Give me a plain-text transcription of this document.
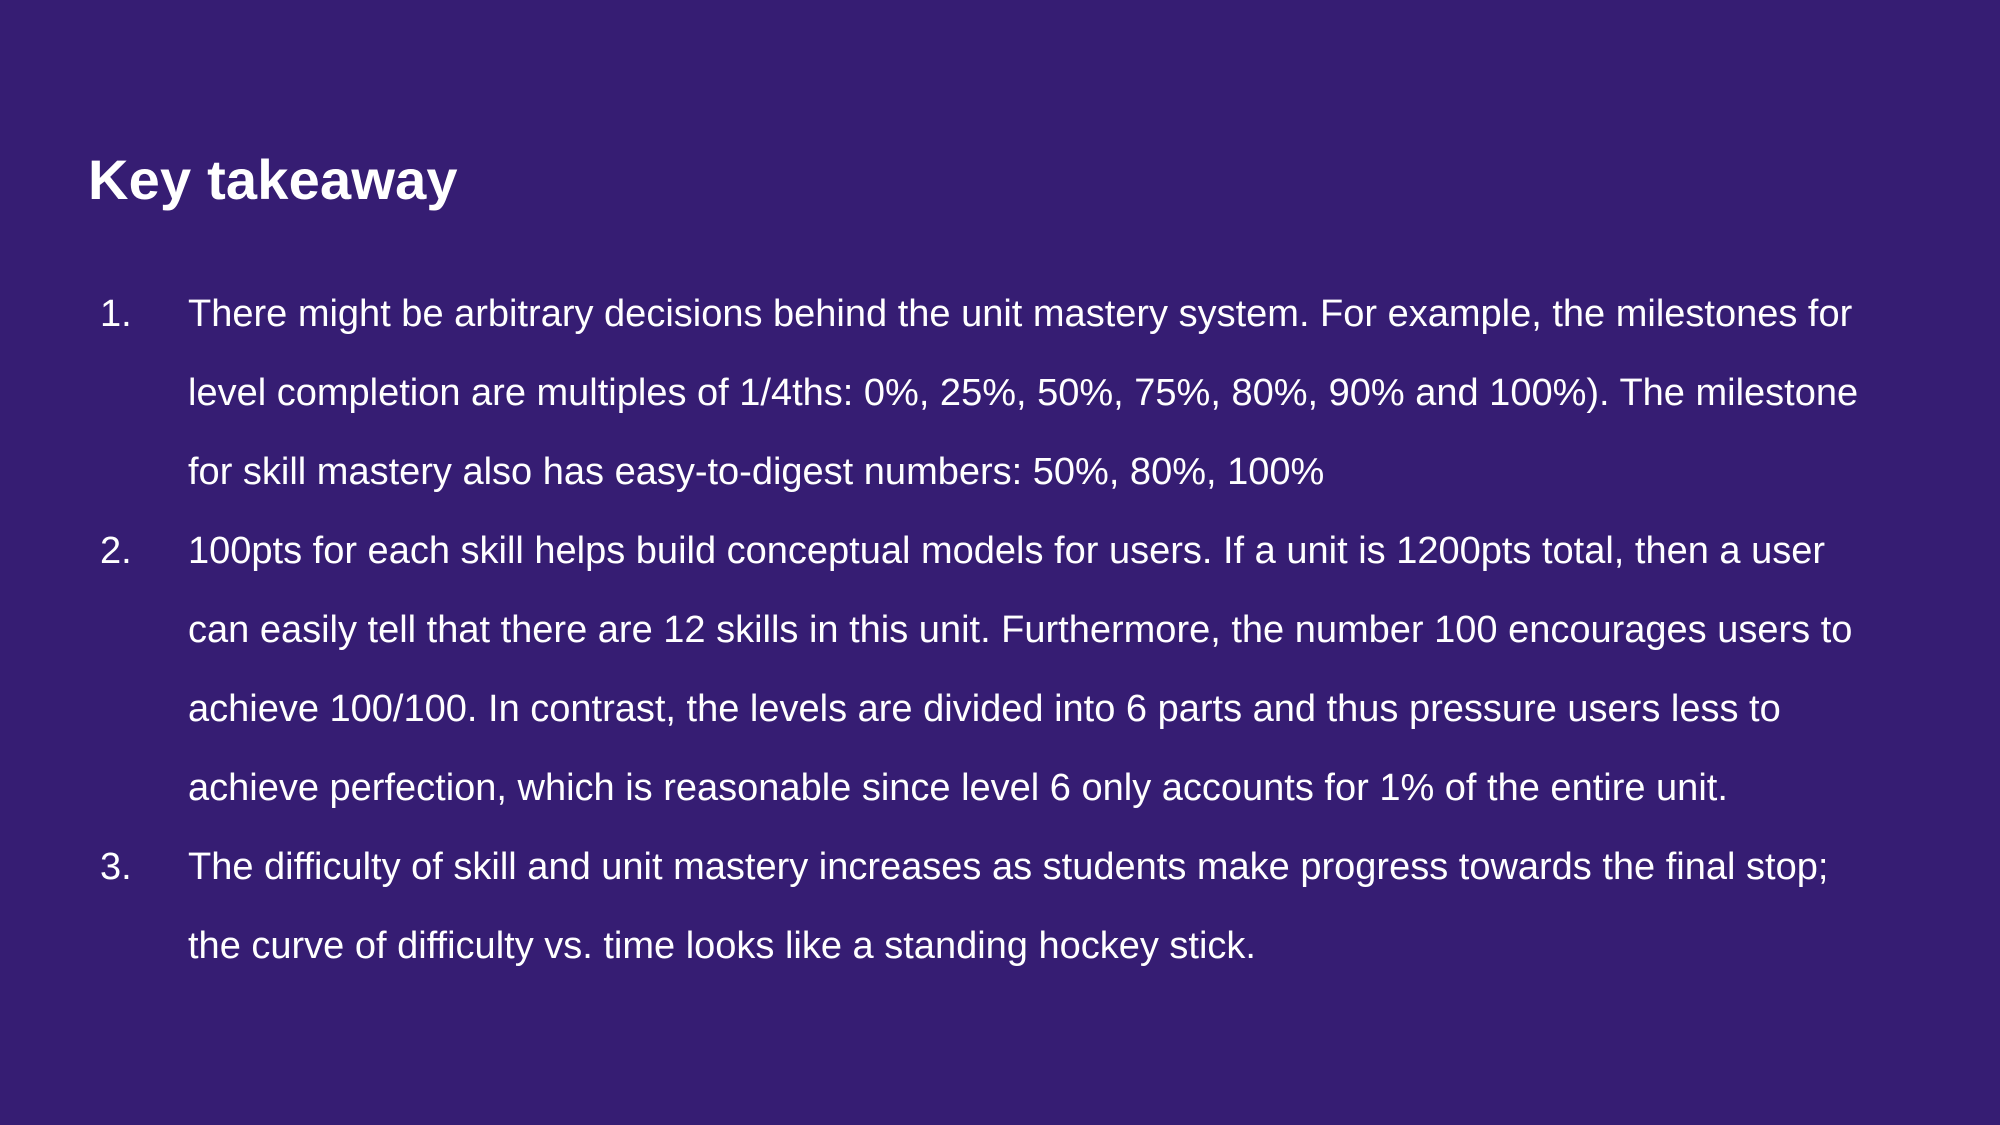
Key takeaway
1.	There might be arbitrary decisions behind the unit mastery system. For example, the milestones for level completion are multiples of 1/4ths: 0%, 25%, 50%, 75%, 80%, 90% and 100%). The milestone for skill mastery also has easy-to-digest numbers: 50%, 80%, 100%
2.	100pts for each skill helps build conceptual models for users. If a unit is 1200pts total, then a user can easily tell that there are 12 skills in this unit. Furthermore, the number 100 encourages users to achieve 100/100. In contrast, the levels are divided into 6 parts and thus pressure users less to achieve perfection, which is reasonable since level 6 only accounts for 1% of the entire unit.
3.	The difficulty of skill and unit mastery increases as students make progress towards the final stop; the curve of difficulty vs. time looks like a standing hockey stick.
